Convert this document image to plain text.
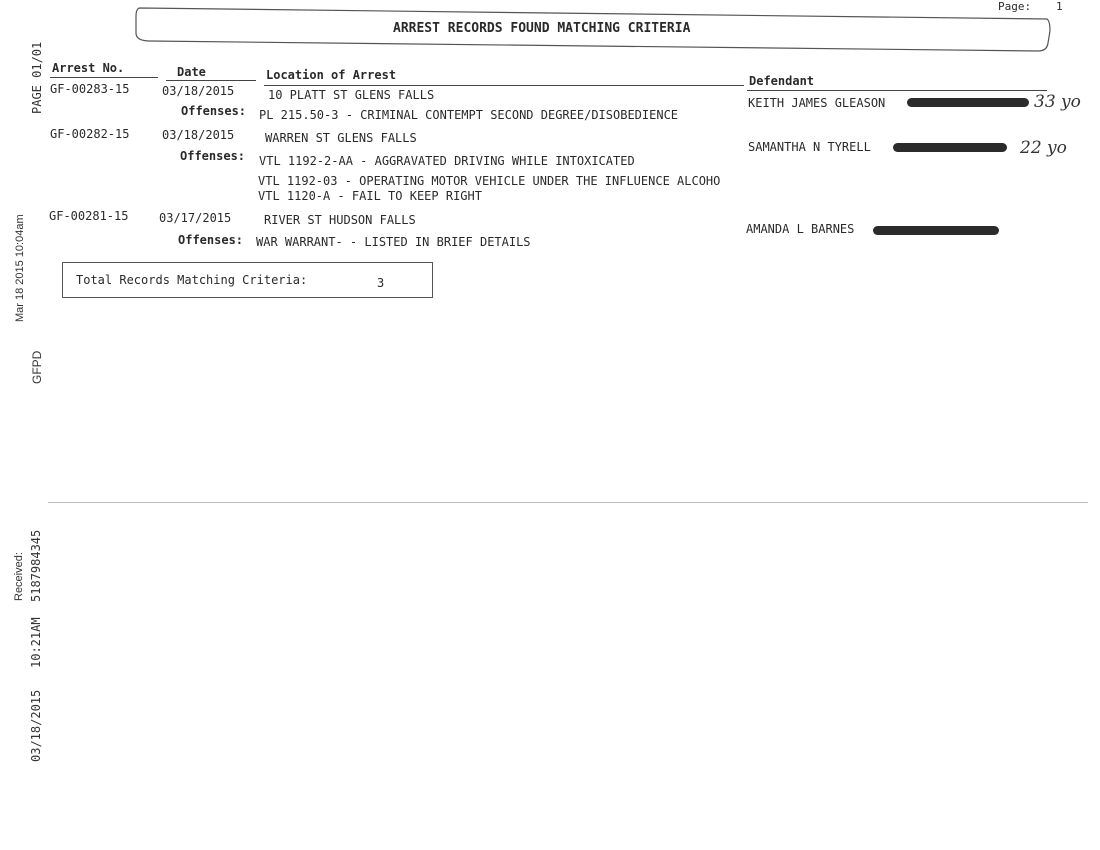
Page: 1
ARREST RECORDS FOUND MATCHING CRITERIA
Arrest No.	Date	Location of Arrest	Defendant
GF-00283-15	03/18/2015	10 PLATT ST GLENS FALLS
Offenses: PL 215.50-3 - CRIMINAL CONTEMPT SECOND DEGREE/DISOBEDIENCE
KEITH JAMES GLEASON	33 yo
GF-00282-15	03/18/2015	WARREN ST GLENS FALLS
Offenses: VTL 1192-2-AA - AGGRAVATED DRIVING WHILE INTOXICATED
VTL 1192-03 - OPERATING MOTOR VEHICLE UNDER THE INFLUENCE ALCOHO
VTL 1120-A - FAIL TO KEEP RIGHT
SAMANTHA N TYRELL	22 yo
GF-00281-15	03/17/2015	RIVER ST HUDSON FALLS
Offenses: WAR WARRANT- - LISTED IN BRIEF DETAILS
AMANDA L BARNES
Total Records Matching Criteria:	3
PAGE 01/01
Mar 18 2015 10:04am
GFPD
Received: 5187984345
10:21AM
03/18/2015
